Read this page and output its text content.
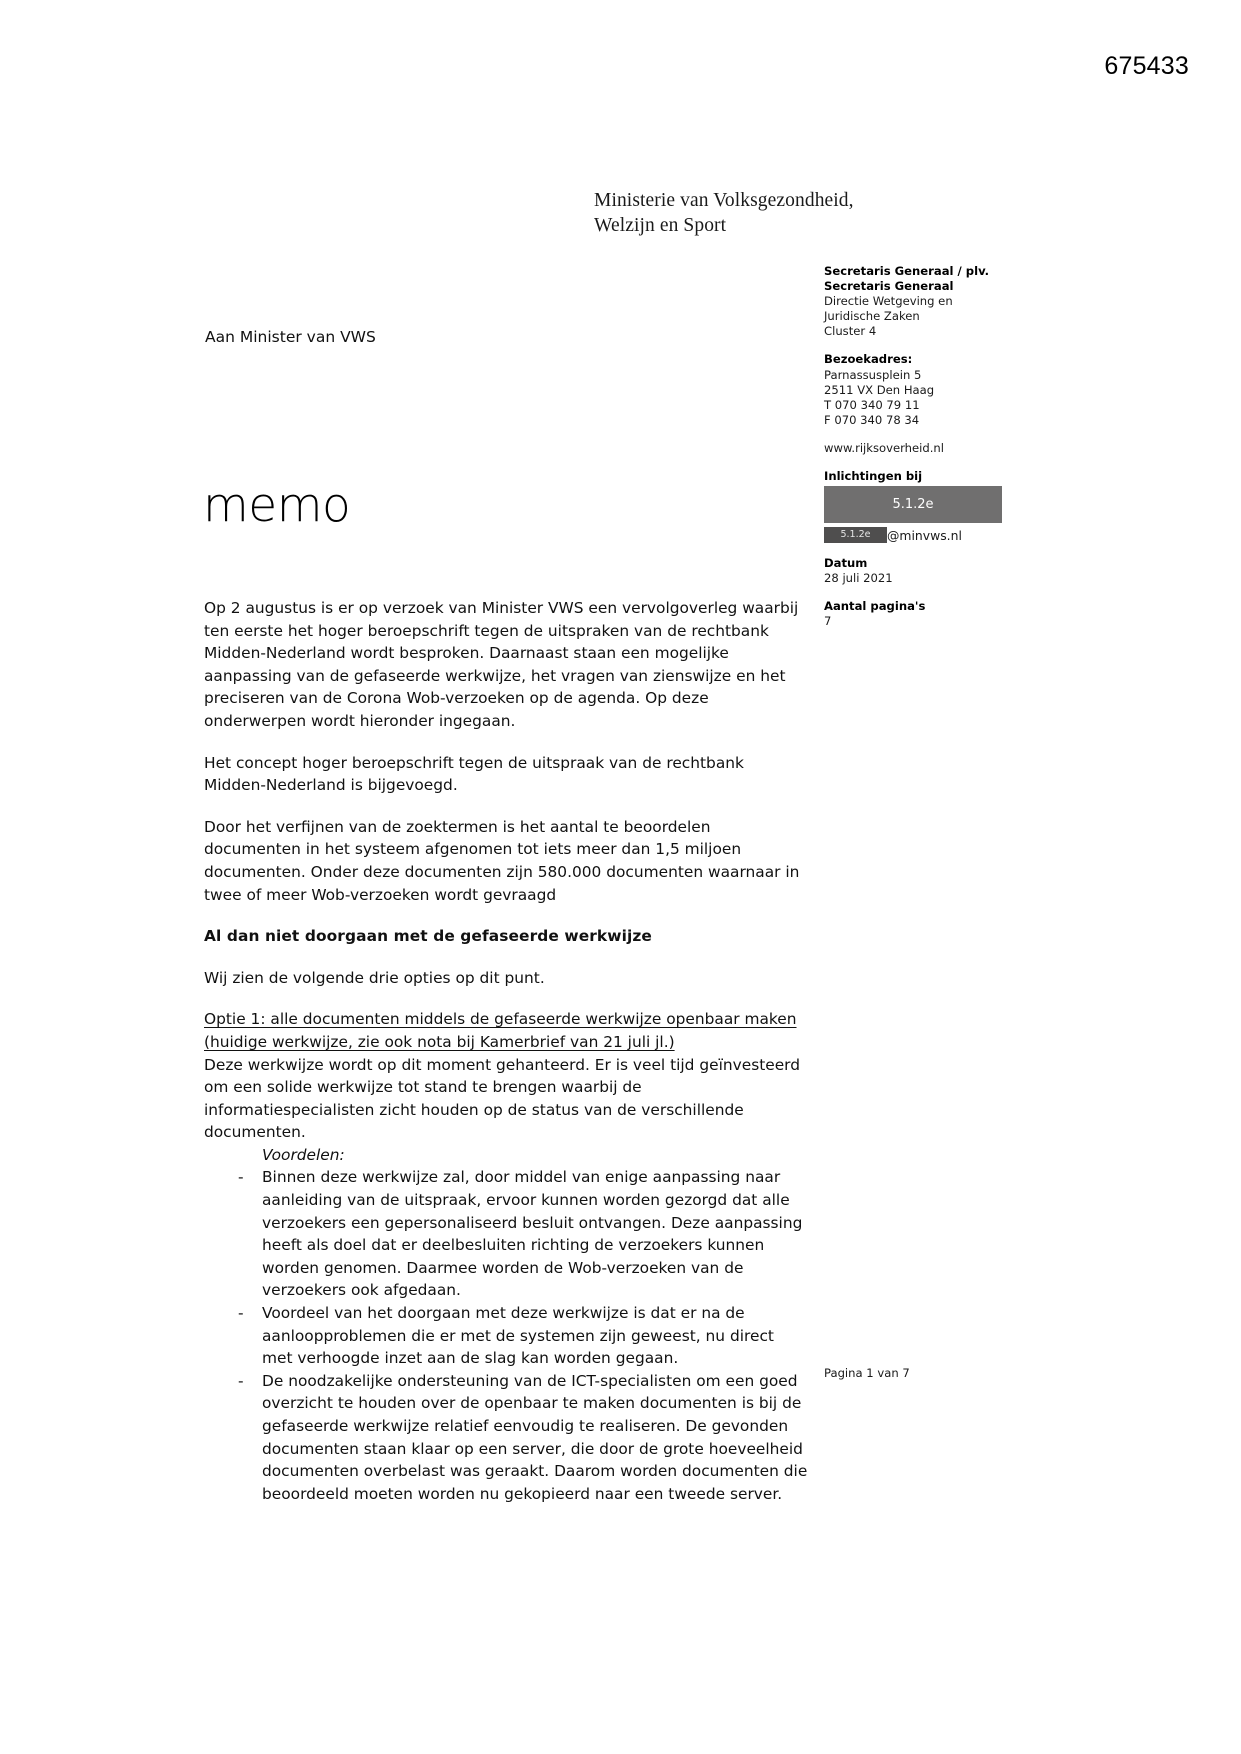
675433
Ministerie van Volksgezondheid,
Welzijn en Sport
Aan Minister van VWS
memo
Secretaris Generaal / plv.
Secretaris Generaal
Directie Wetgeving en
Juridische Zaken
Cluster 4
Bezoekadres:
Parnassusplein 5
2511 VX Den Haag
T 070 340 79 11
F 070 340 78 34
www.rijksoverheid.nl
Inlichtingen bij
5.1.2e
5.1.2e	@minvws.nl
Datum
28 juli 2021
Aantal pagina's
7

Op 2 augustus is er op verzoek van Minister VWS een vervolgoverleg waarbij ten eerste het hoger beroepschrift tegen de uitspraken van de rechtbank Midden-Nederland wordt besproken. Daarnaast staan een mogelijke aanpassing van de gefaseerde werkwijze, het vragen van zienswijze en het preciseren van de Corona Wob-verzoeken op de agenda. Op deze onderwerpen wordt hieronder ingegaan.

Het concept hoger beroepschrift tegen de uitspraak van de rechtbank Midden-Nederland is bijgevoegd.

Door het verfijnen van de zoektermen is het aantal te beoordelen documenten in het systeem afgenomen tot iets meer dan 1,5 miljoen documenten. Onder deze documenten zijn 580.000 documenten waarnaar in twee of meer Wob-verzoeken wordt gevraagd

Al dan niet doorgaan met de gefaseerde werkwijze

Wij zien de volgende drie opties op dit punt.

Optie 1: alle documenten middels de gefaseerde werkwijze openbaar maken
(huidige werkwijze, zie ook nota bij Kamerbrief van 21 juli jl.)

Deze werkwijze wordt op dit moment gehanteerd. Er is veel tijd geïnvesteerd om een solide werkwijze tot stand te brengen waarbij de informatiespecialisten zicht houden op de status van de verschillende documenten.

Voordelen:
- Binnen deze werkwijze zal, door middel van enige aanpassing naar aanleiding van de uitspraak, ervoor kunnen worden gezorgd dat alle verzoekers een gepersonaliseerd besluit ontvangen. Deze aanpassing heeft als doel dat er deelbesluiten richting de verzoekers kunnen worden genomen. Daarmee worden de Wob-verzoeken van de verzoekers ook afgedaan.
- Voordeel van het doorgaan met deze werkwijze is dat er na de aanloopproblemen die er met de systemen zijn geweest, nu direct met verhoogde inzet aan de slag kan worden gegaan.
- De noodzakelijke ondersteuning van de ICT-specialisten om een goed overzicht te houden over de openbaar te maken documenten is bij de gefaseerde werkwijze relatief eenvoudig te realiseren. De gevonden documenten staan klaar op een server, die door de grote hoeveelheid documenten overbelast was geraakt. Daarom worden documenten die beoordeeld moeten worden nu gekopieerd naar een tweede server.
Pagina 1 van 7
